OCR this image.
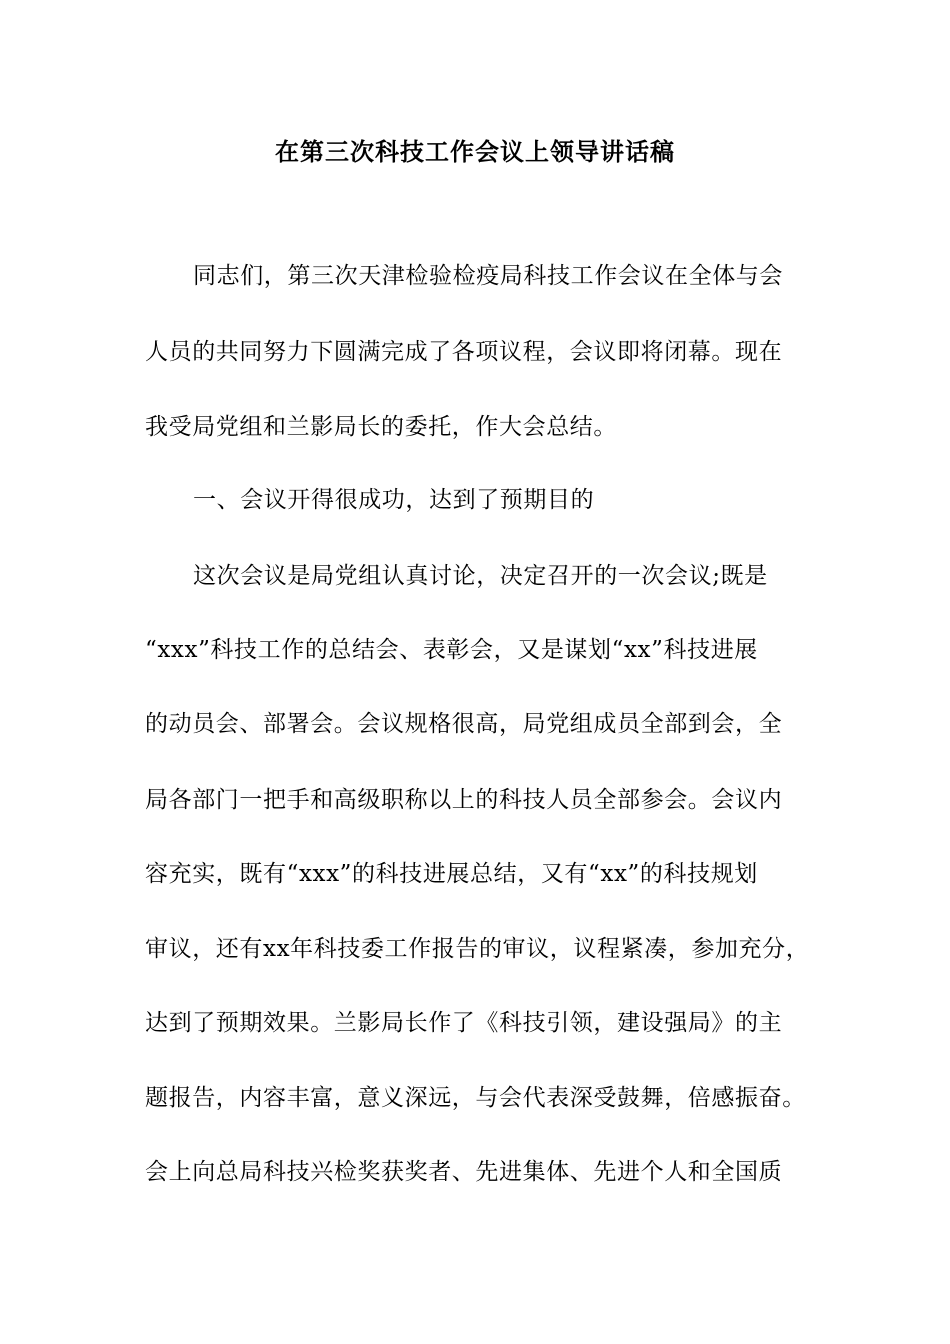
在第三次科技工作会议上领导讲话稿
同志们，第三次天津检验检疫局科技工作会议在全体与会
人员的共同努力下圆满完成了各项议程，会议即将闭幕。现在
我受局党组和兰影局长的委托，作大会总结。
一、会议开得很成功，达到了预期目的
这次会议是局党组认真讨论，决定召开的一次会议;既是
“xxx”科技工作的总结会、表彰会，又是谋划“xx”科技进展
的动员会、部署会。会议规格很高，局党组成员全部到会，全
局各部门一把手和高级职称以上的科技人员全部参会。会议内
容充实，既有“xxx”的科技进展总结，又有“xx”的科技规划
审议，还有xx年科技委工作报告的审议，议程紧凑，参加充分，
达到了预期效果。兰影局长作了《科技引领，建设强局》的主
题报告，内容丰富，意义深远，与会代表深受鼓舞，倍感振奋。
会上向总局科技兴检奖获奖者、先进集体、先进个人和全国质
